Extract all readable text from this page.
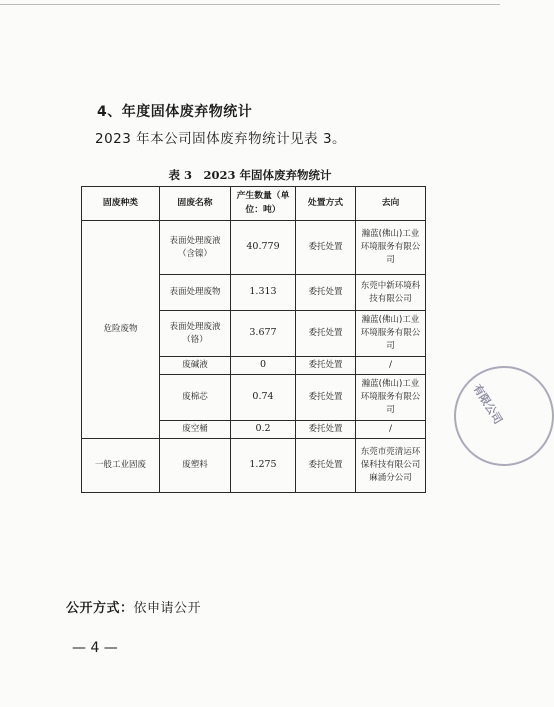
4、年度固体废弃物统计
2023 年本公司固体废弃物统计见表 3。
表 3　2023 年固体废弃物统计
固废种类	固废名称	产生数量（单位：吨）	处置方式	去向
危险废物	表面处理废液（含镍）	40.779	委托处置	瀚蓝(佛山)工业环境服务有限公司
	表面处理废物	1.313	委托处置	东莞中新环境科技有限公司
	表面处理废液（铬）	3.677	委托处置	瀚蓝(佛山)工业环境服务有限公司
	废碱液	0	委托处置	/
	废棉芯	0.74	委托处置	瀚蓝(佛山)工业环境服务有限公司
	废空桶	0.2	委托处置	/
一般工业固废	废塑料	1.275	委托处置	东莞市莞清运环保科技有限公司麻涌分公司
有限公司
公开方式：依申请公开
— 4 —
